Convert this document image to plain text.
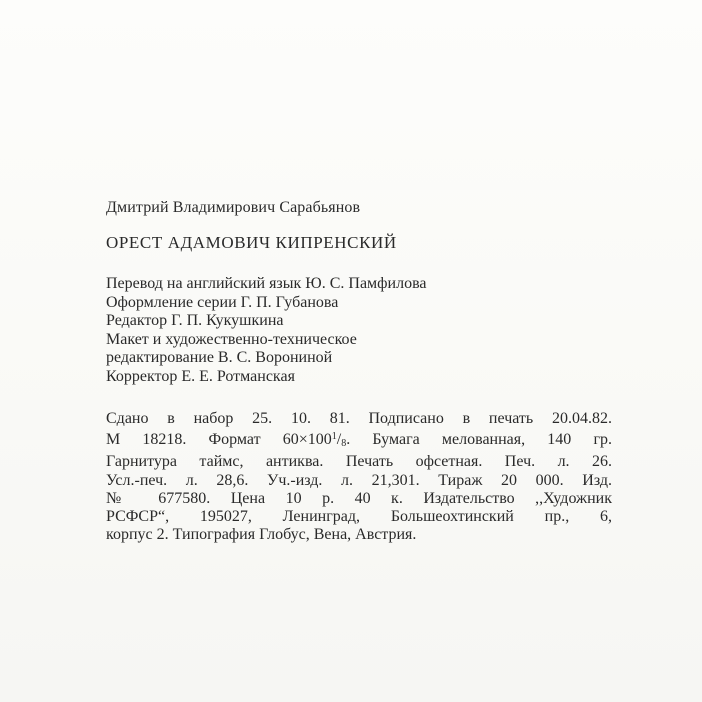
Дмитрий Владимирович Сарабьянов
ОРЕСТ АДАМОВИЧ КИПРЕНСКИЙ
Перевод на английский язык Ю. С. Памфилова
Оформление серии Г. П. Губанова
Редактор Г. П. Кукушкина
Макет и художественно-техническое
редактирование В. С. Ворониной
Корректор Е. Е. Ротманская
Сдано в набор 25. 10. 81. Подписано в печать 20.04.82.
М 18218. Формат $60\times 100^1/8$. Бумага мелованная, 140 гр.
Гарнитура таймс, антиква. Печать офсетная. Печ. л. 26.
Усл.-печ. л. 28,6. Уч.-изд. л. 21,301. Тираж 20 000. Изд.
№ 677580. Цена 10 р. 40 к. Издательство ,,Художник
РСФСР“, 195027, Ленинград, Большеохтинский пр., 6,
корпус 2. Типография Глобус, Вена, Австрия.
